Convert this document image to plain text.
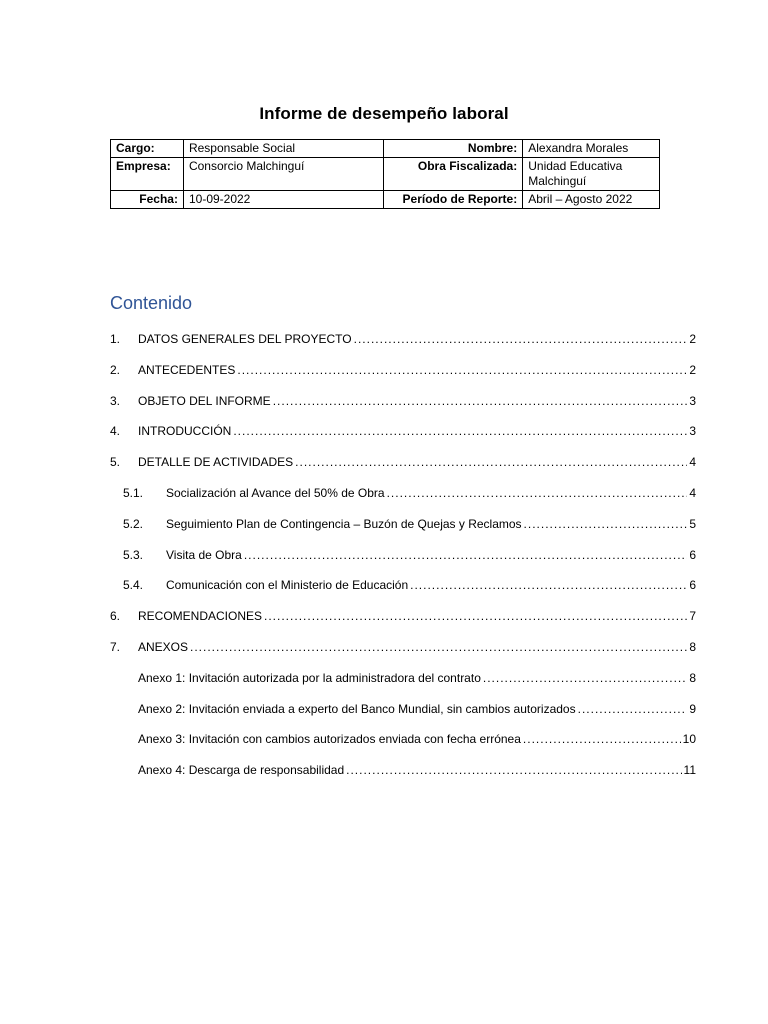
Informe de desempeño laboral
Cargo:	Responsable Social	Nombre:	Alexandra Morales
Empresa:	Consorcio Malchinguí	Obra Fiscalizada:	Unidad Educativa
Malchinguí
Fecha:	10-09-2022	Período de Reporte:	Abril – Agosto 2022
Contenido
1.	DATOS GENERALES DEL PROYECTO .....	2
2.	ANTECEDENTES .....	2
3.	OBJETO DEL INFORME .....	3
4.	INTRODUCCIÓN .....	3
5.	DETALLE DE ACTIVIDADES .....	4
5.1.	Socialización al Avance del 50% de Obra .....	4
5.2.	Seguimiento Plan de Contingencia – Buzón de Quejas y Reclamos .....	5
5.3.	Visita de Obra .....	6
5.4.	Comunicación con el Ministerio de Educación .....	6
6.	RECOMENDACIONES .....	7
7.	ANEXOS .....	8
Anexo 1: Invitación autorizada por la administradora del contrato .....	8
Anexo 2: Invitación enviada a experto del Banco Mundial, sin cambios autorizados .....	9
Anexo 3: Invitación con cambios autorizados enviada con fecha errónea .....	10
Anexo 4: Descarga de responsabilidad .....	11
